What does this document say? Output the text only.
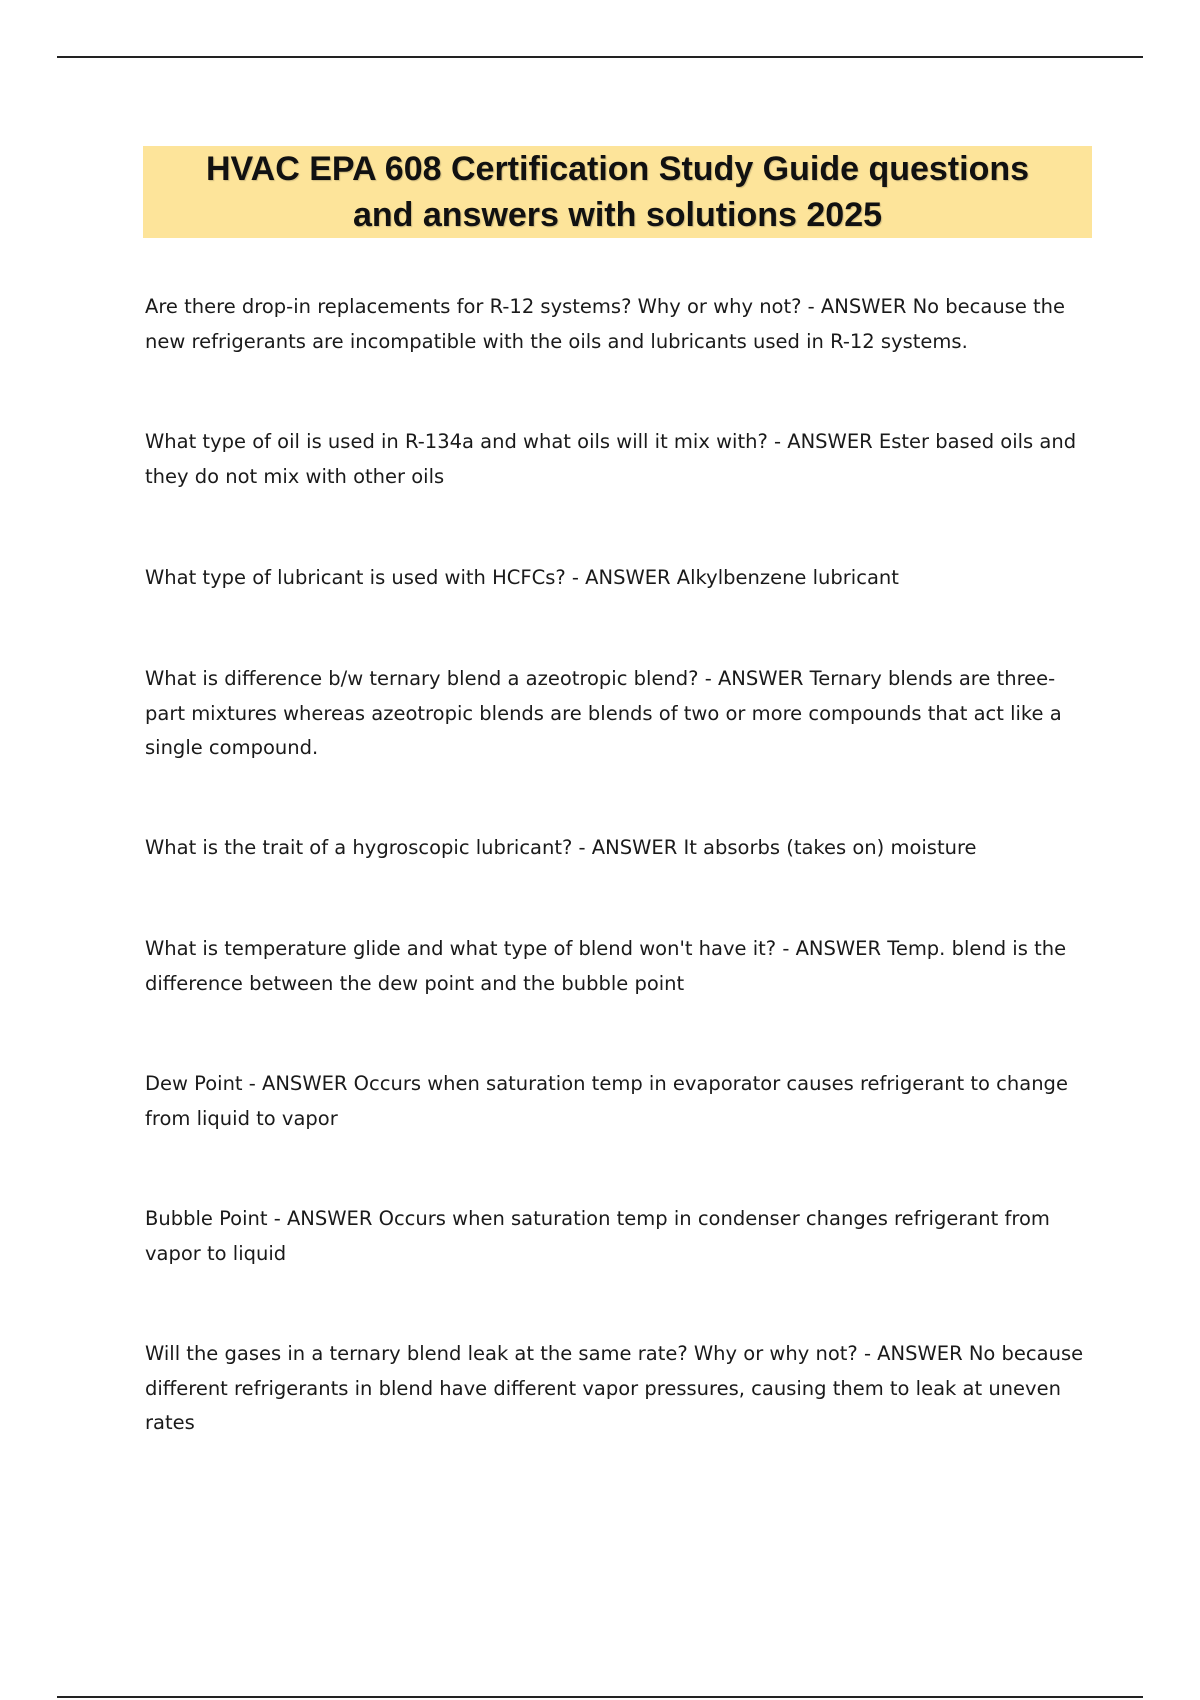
HVAC EPA 608 Certification Study Guide questions
and answers with solutions 2025

Are there drop-in replacements for R-12 systems? Why or why not? - ANSWER No because the new refrigerants are incompatible with the oils and lubricants used in R-12 systems.

What type of oil is used in R-134a and what oils will it mix with? - ANSWER Ester based oils and they do not mix with other oils

What type of lubricant is used with HCFCs? - ANSWER Alkylbenzene lubricant

What is difference b/w ternary blend a azeotropic blend? - ANSWER Ternary blends are three-part mixtures whereas azeotropic blends are blends of two or more compounds that act like a single compound.

What is the trait of a hygroscopic lubricant? - ANSWER It absorbs (takes on) moisture

What is temperature glide and what type of blend won't have it? - ANSWER Temp. blend is the difference between the dew point and the bubble point

Dew Point - ANSWER Occurs when saturation temp in evaporator causes refrigerant to change from liquid to vapor

Bubble Point - ANSWER Occurs when saturation temp in condenser changes refrigerant from vapor to liquid

Will the gases in a ternary blend leak at the same rate? Why or why not? - ANSWER No because different refrigerants in blend have different vapor pressures, causing them to leak at uneven rates
